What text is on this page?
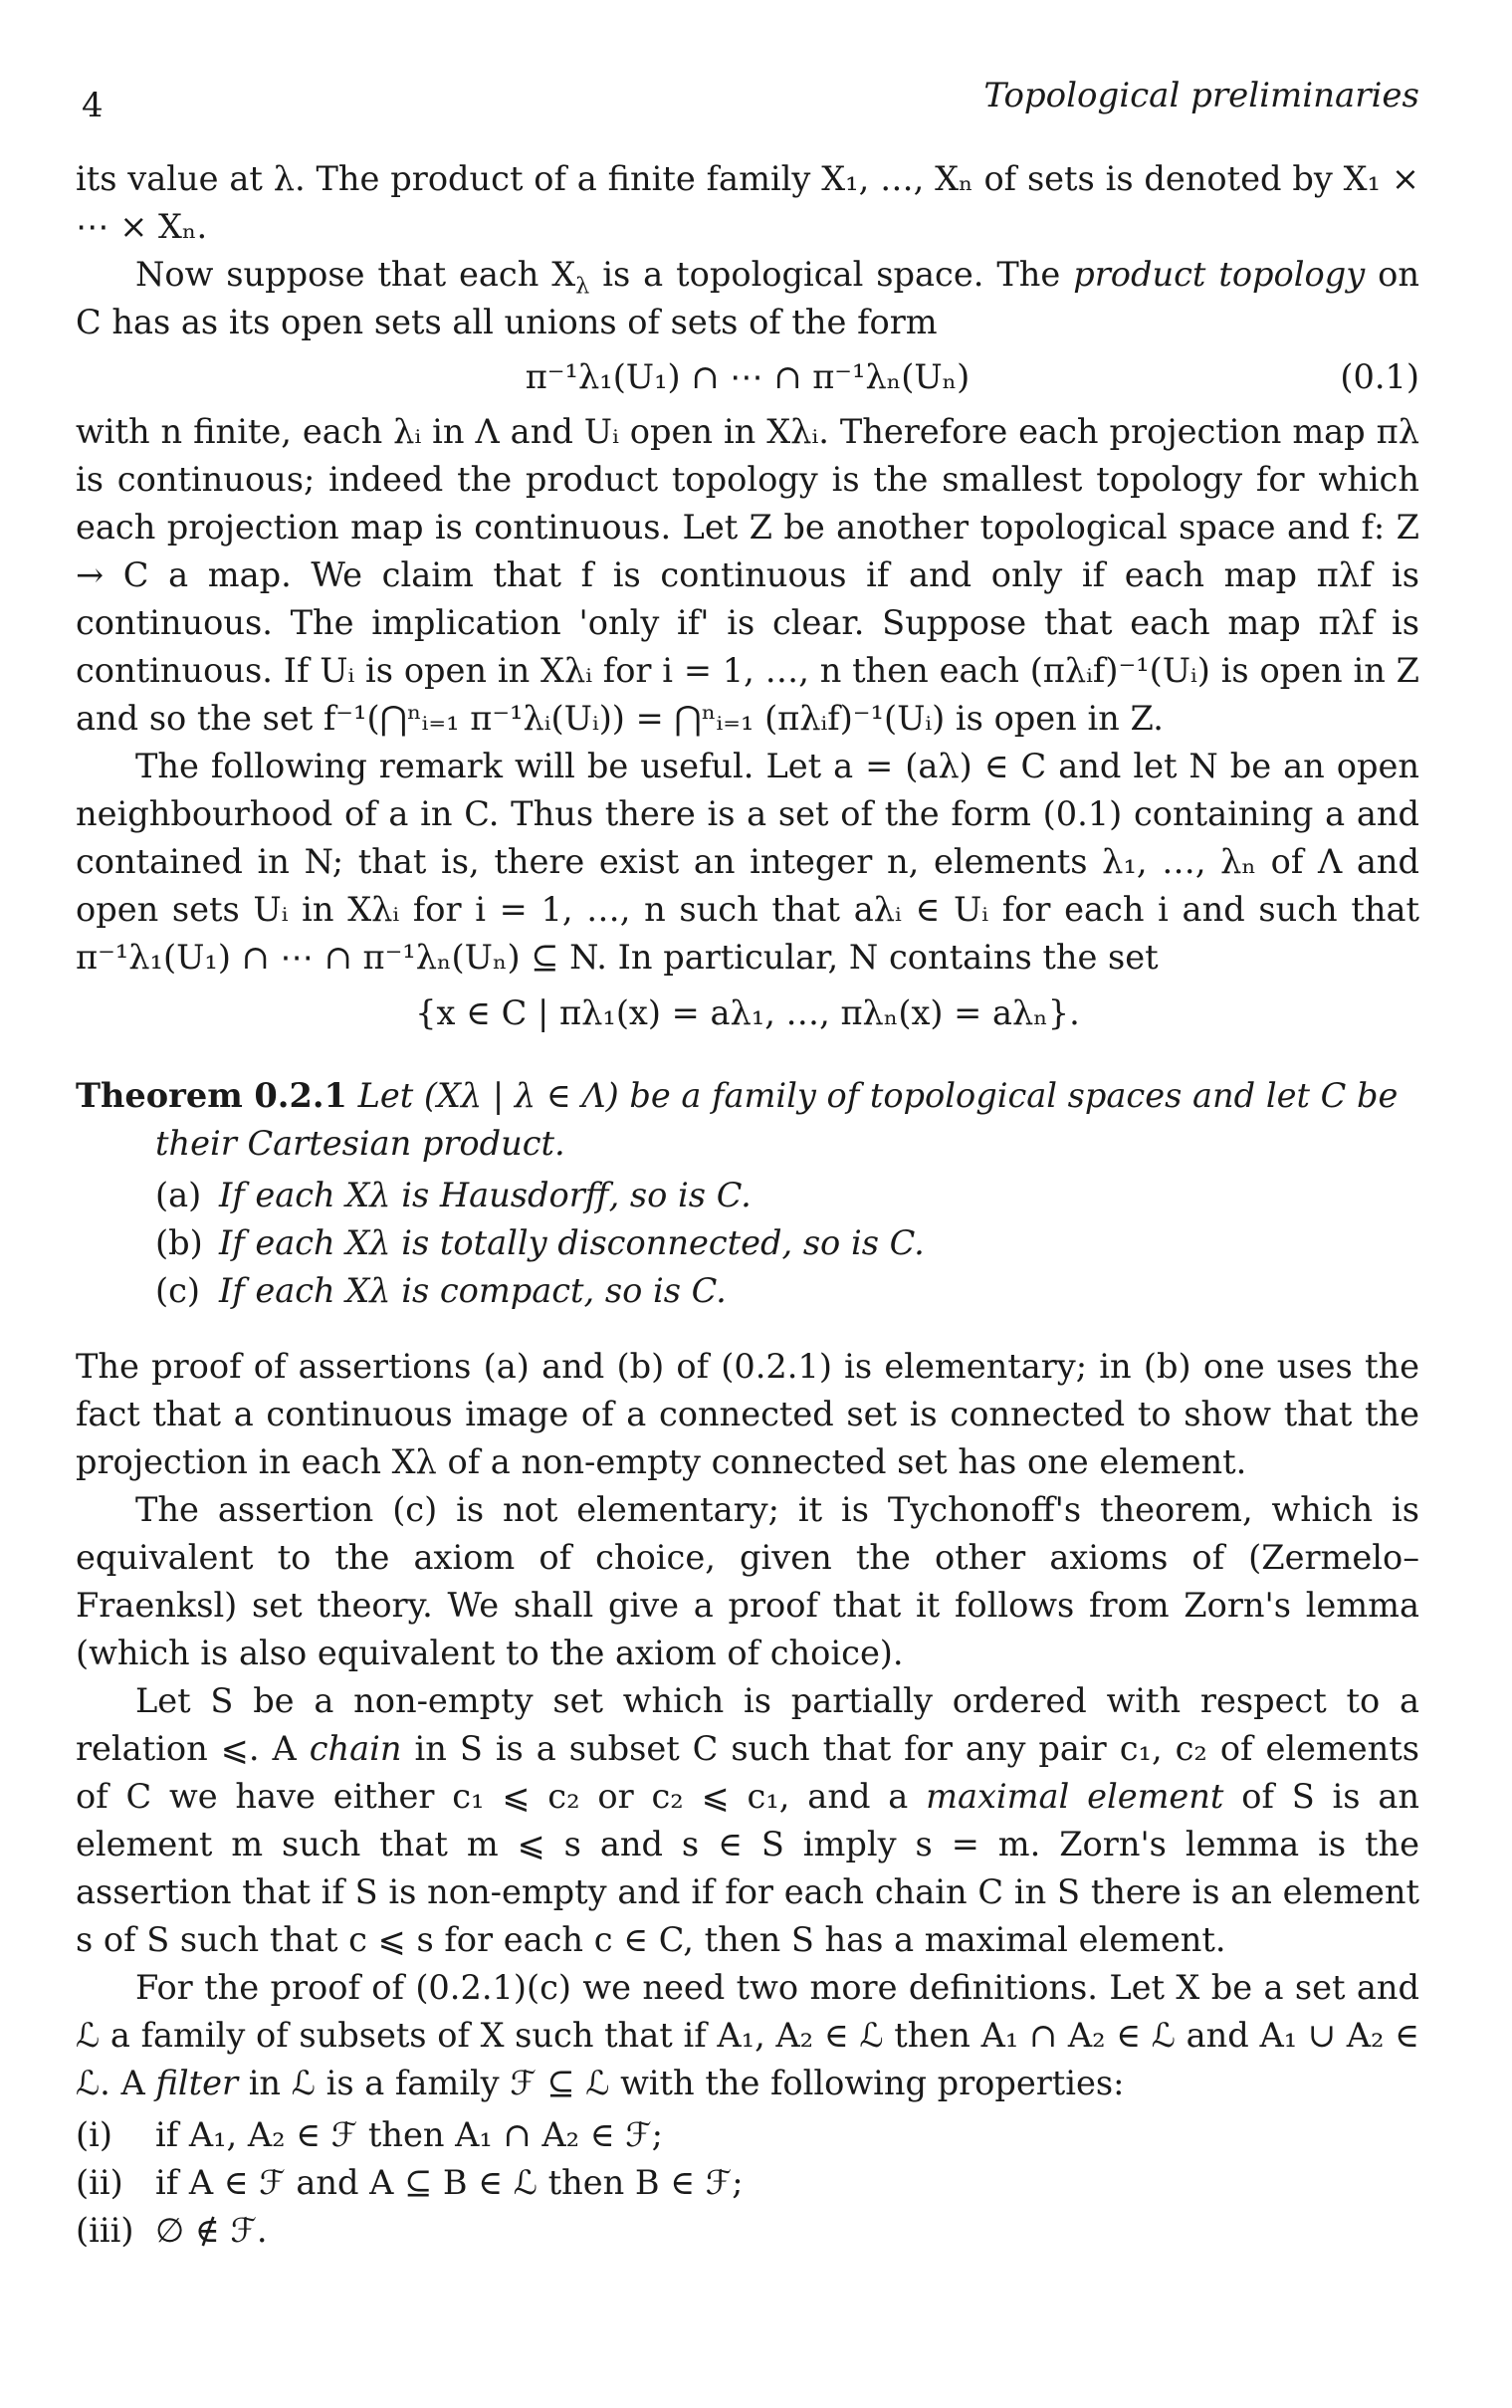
4	Topological preliminaries

its value at λ. The product of a finite family X₁, …, Xₙ of sets is denoted by X₁ × ⋯ × Xₙ.

Now suppose that each $X_\lambda$ is a topological space. The product topology on C has as its open sets all unions of sets of the form

π⁻¹λ₁(U₁) ∩ ⋯ ∩ π⁻¹λₙ(Uₙ)	(0.1)

with n finite, each λᵢ in Λ and Uᵢ open in Xλᵢ. Therefore each projection map πλ is continuous; indeed the product topology is the smallest topology for which each projection map is continuous. Let Z be another topological space and f: Z → C a map. We claim that f is continuous if and only if each map πλf is continuous. The implication 'only if' is clear. Suppose that each map πλf is continuous. If Uᵢ is open in Xλᵢ for i = 1, …, n then each (πλᵢf)⁻¹(Uᵢ) is open in Z and so the set f⁻¹(⋂ⁿᵢ₌₁ π⁻¹λᵢ(Uᵢ)) = ⋂ⁿᵢ₌₁ (πλᵢf)⁻¹(Uᵢ) is open in Z.

The following remark will be useful. Let a = (aλ) ∈ C and let N be an open neighbourhood of a in C. Thus there is a set of the form (0.1) containing a and contained in N; that is, there exist an integer n, elements λ₁, …, λₙ of Λ and open sets Uᵢ in Xλᵢ for i = 1, …, n such that aλᵢ ∈ Uᵢ for each i and such that π⁻¹λ₁(U₁) ∩ ⋯ ∩ π⁻¹λₙ(Uₙ) ⊆ N. In particular, N contains the set

{x ∈ C | πλ₁(x) = aλ₁, …, πλₙ(x) = aλₙ}.
Theorem 0.2.1 Let (Xλ | λ ∈ Λ) be a family of topological spaces and let C be
their Cartesian product.
(a) If each Xλ is Hausdorff, so is C.
(b) If each Xλ is totally disconnected, so is C.
(c) If each Xλ is compact, so is C.

The proof of assertions (a) and (b) of (0.2.1) is elementary; in (b) one uses the fact that a continuous image of a connected set is connected to show that the projection in each Xλ of a non-empty connected set has one element.

The assertion (c) is not elementary; it is Tychonoff's theorem, which is equivalent to the axiom of choice, given the other axioms of (Zermelo–Fraenksl) set theory. We shall give a proof that it follows from Zorn's lemma (which is also equivalent to the axiom of choice).

Let S be a non-empty set which is partially ordered with respect to a relation ⩽. A chain in S is a subset C such that for any pair c₁, c₂ of elements of C we have either c₁ ⩽ c₂ or c₂ ⩽ c₁, and a maximal element of S is an element m such that m ⩽ s and s ∈ S imply s = m. Zorn's lemma is the assertion that if S is non-empty and if for each chain C in S there is an element s of S such that c ⩽ s for each c ∈ C, then S has a maximal element.

For the proof of (0.2.1)(c) we need two more definitions. Let X be a set and ℒ a family of subsets of X such that if A₁, A₂ ∈ ℒ then A₁ ∩ A₂ ∈ ℒ and A₁ ∪ A₂ ∈ ℒ. A filter in ℒ is a family ℱ ⊆ ℒ with the following properties:

(i) if A₁, A₂ ∈ ℱ then A₁ ∩ A₂ ∈ ℱ;
(ii) if A ∈ ℱ and A ⊆ B ∈ ℒ then B ∈ ℱ;
(iii) ∅ ∉ ℱ.
